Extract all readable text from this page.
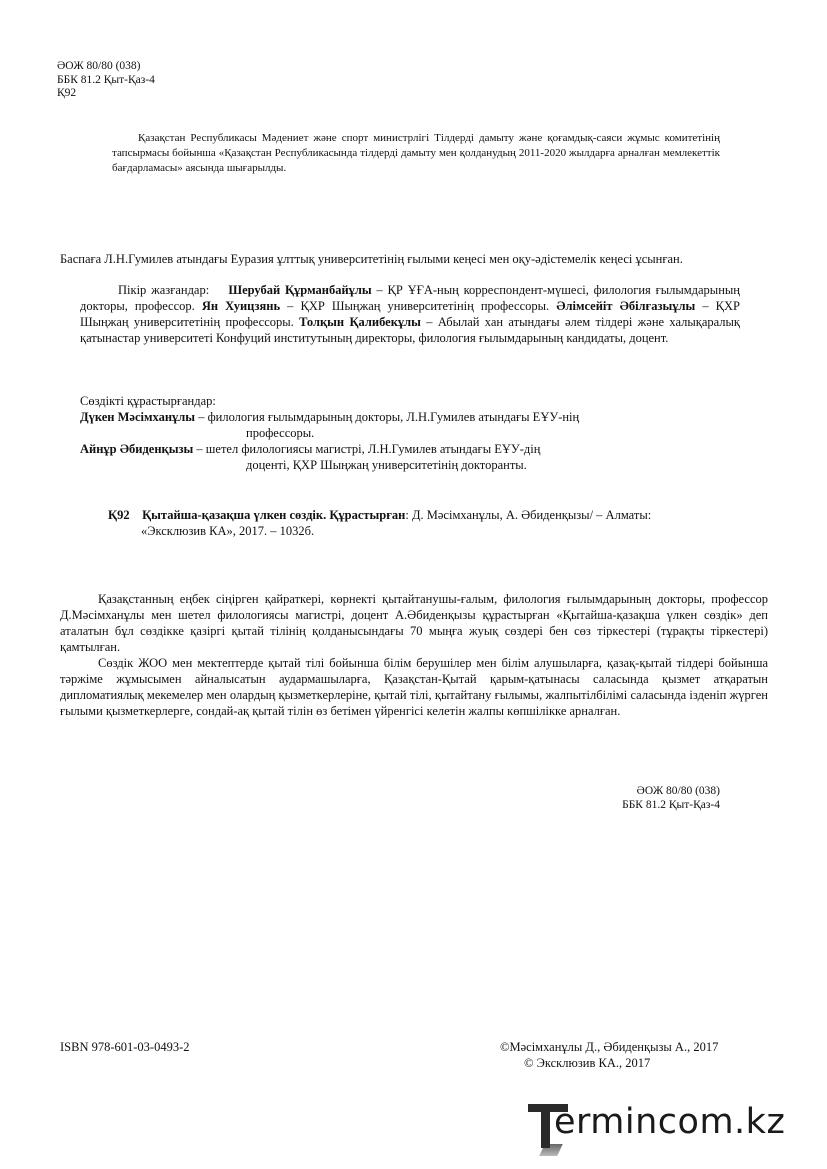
ӘОЖ 80/80 (038)
ББК 81.2 Қыт-Қаз-4
Қ92
Қазақстан Республикасы Мәдениет және спорт министрлігі Тілдерді дамыту және қоғамдық-саяси жұмыс комитетінің тапсырмасы бойынша «Қазақстан Республикасында тілдерді дамыту мен қолданудың 2011-2020 жылдарға арналған мемлекеттік бағдарламасы» аясында шығарылды.
Баспаға Л.Н.Гумилев атындағы Еуразия ұлттық университетінің ғылыми кеңесі мен оқу-әдістемелік кеңесі ұсынған.
Пікір жазғандар: Шерубай Құрманбайұлы – ҚР ҰҒА-ның корреспондент-мүшесі, филология ғылымдарының докторы, профессор. Ян Хуицзянь – ҚХР Шыңжаң университетінің профессоры. Әлімсейіт Әбілғазыұлы – ҚХР Шыңжаң университетінің профессоры. Толқын Қалибекұлы – Абылай хан атындағы әлем тілдері және халықаралық қатынастар университеті Конфуций институтының директоры, филология ғылымдарының кандидаты, доцент.
Сөздікті құрастырғандар:
Дүкен Мәсімханұлы – филология ғылымдарының докторы, Л.Н.Гумилев атындағы ЕҰУ-нің
профессоры.
Айнұр Әбиденқызы – шетел филологиясы магистрі, Л.Н.Гумилев атындағы ЕҰУ-дің
доценті, ҚХР Шыңжаң университетінің докторанты.
Қ92 Қытайша-қазақша үлкен сөздік. Құрастырған: Д. Мәсімханұлы, А. Әбиденқызы/ – Алматы:
«Эксклюзив КА», 2017. – 1032б.

Қазақстанның еңбек сіңірген қайраткері, көрнекті қытайтанушы-ғалым, филология ғылымдарының докторы, профессор Д.Мәсімханұлы мен шетел филологиясы магистрі, доцент А.Әбиденқызы құрастырған «Қытайша-қазақша үлкен сөздік» деп аталатын бұл сөздікке қазіргі қытай тілінің қолданысындағы 70 мыңға жуық сөздері бен сөз тіркестері (тұрақты тіркестері) қамтылған.

Сөздік ЖОО мен мектептерде қытай тілі бойынша білім берушілер мен білім алушыларға, қазақ-қытай тілдері бойынша тәржіме жұмысымен айналысатын аудармашыларға, Қазақстан-Қытай қарым-қатынасы саласында қызмет атқаратын дипломатиялық мекемелер мен олардың қызметкерлеріне, қытай тілі, қытайтану ғылымы, жалпытілбілімі саласында ізденіп жүрген ғылыми қызметкерлерге, сондай-ақ қытай тілін өз бетімен үйренгісі келетін жалпы көпшілікке арналған.

ӘОЖ 80/80 (038)
ББК 81.2 Қыт-Қаз-4
ISBN 978-601-03-0493-2	©Мәсімханұлы Д., Әбиденқызы А., 2017
© Эксклюзив КА., 2017
ermincom.kz
